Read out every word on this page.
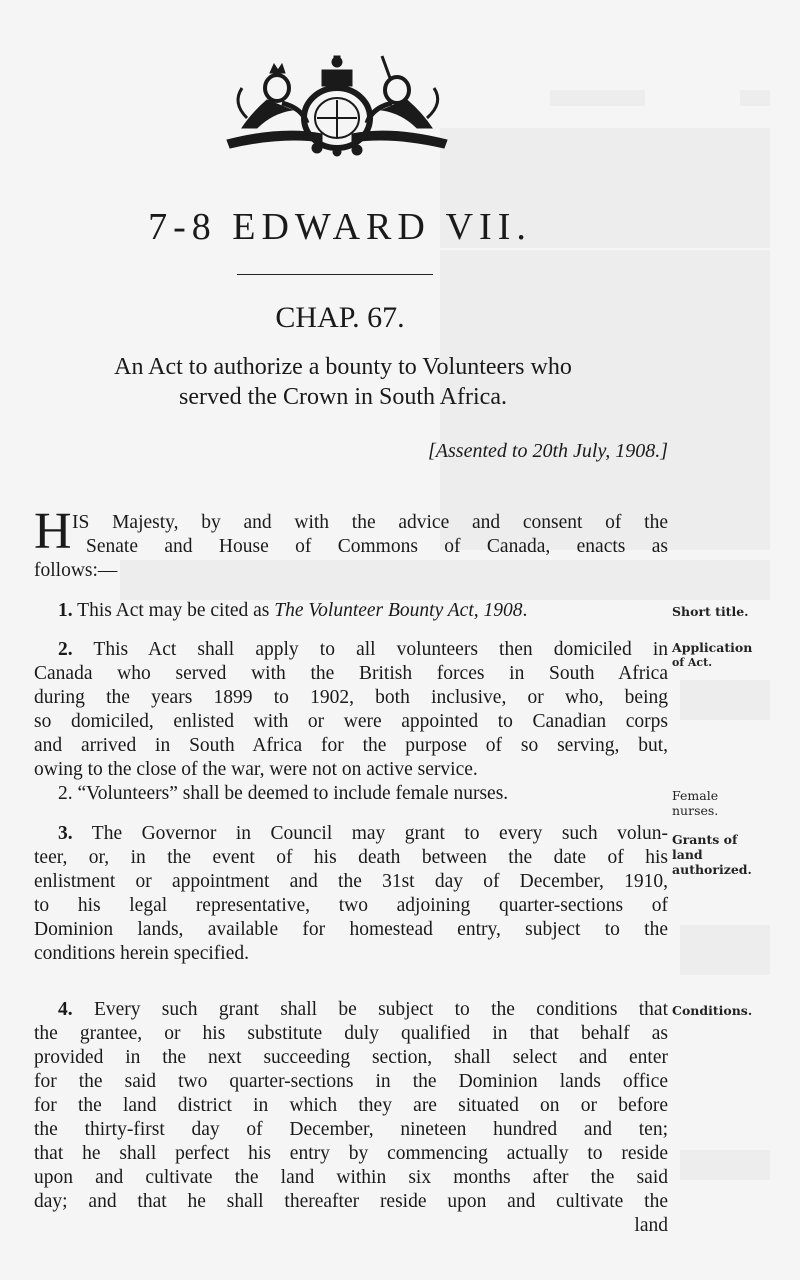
7-8 EDWARD VII.
CHAP. 67.
An Act to authorize a bounty to Volunteers who
served the Crown in South Africa.
[Assented to 20th July, 1908.]
H IS Majesty, by and with the advice and consent of the
Senate and House of Commons of Canada, enacts as
follows:—
1. This Act may be cited as The Volunteer Bounty Act, 1908.	Short title.
2. This Act shall apply to all volunteers then domiciled in
Canada who served with the British forces in South Africa
during the years 1899 to 1902, both inclusive, or who, being
so domiciled, enlisted with or were appointed to Canadian corps
and arrived in South Africa for the purpose of so serving, but,
owing to the close of the war, were not on active service.
Application
of Act.
2. “Volunteers” shall be deemed to include female nurses.	Female
nurses.
3. The Governor in Council may grant to every such volun-
teer, or, in the event of his death between the date of his
enlistment or appointment and the 31st day of December, 1910,
to his legal representative, two adjoining quarter-sections of
Dominion lands, available for homestead entry, subject to the
conditions herein specified.
Grants of
land
authorized.
4. Every such grant shall be subject to the conditions that
the grantee, or his substitute duly qualified in that behalf as
provided in the next succeeding section, shall select and enter
for the said two quarter-sections in the Dominion lands office
for the land district in which they are situated on or before
the thirty-first day of December, nineteen hundred and ten;
that he shall perfect his entry by commencing actually to reside
upon and cultivate the land within six months after the said
day; and that he shall thereafter reside upon and cultivate the
land
Conditions.
